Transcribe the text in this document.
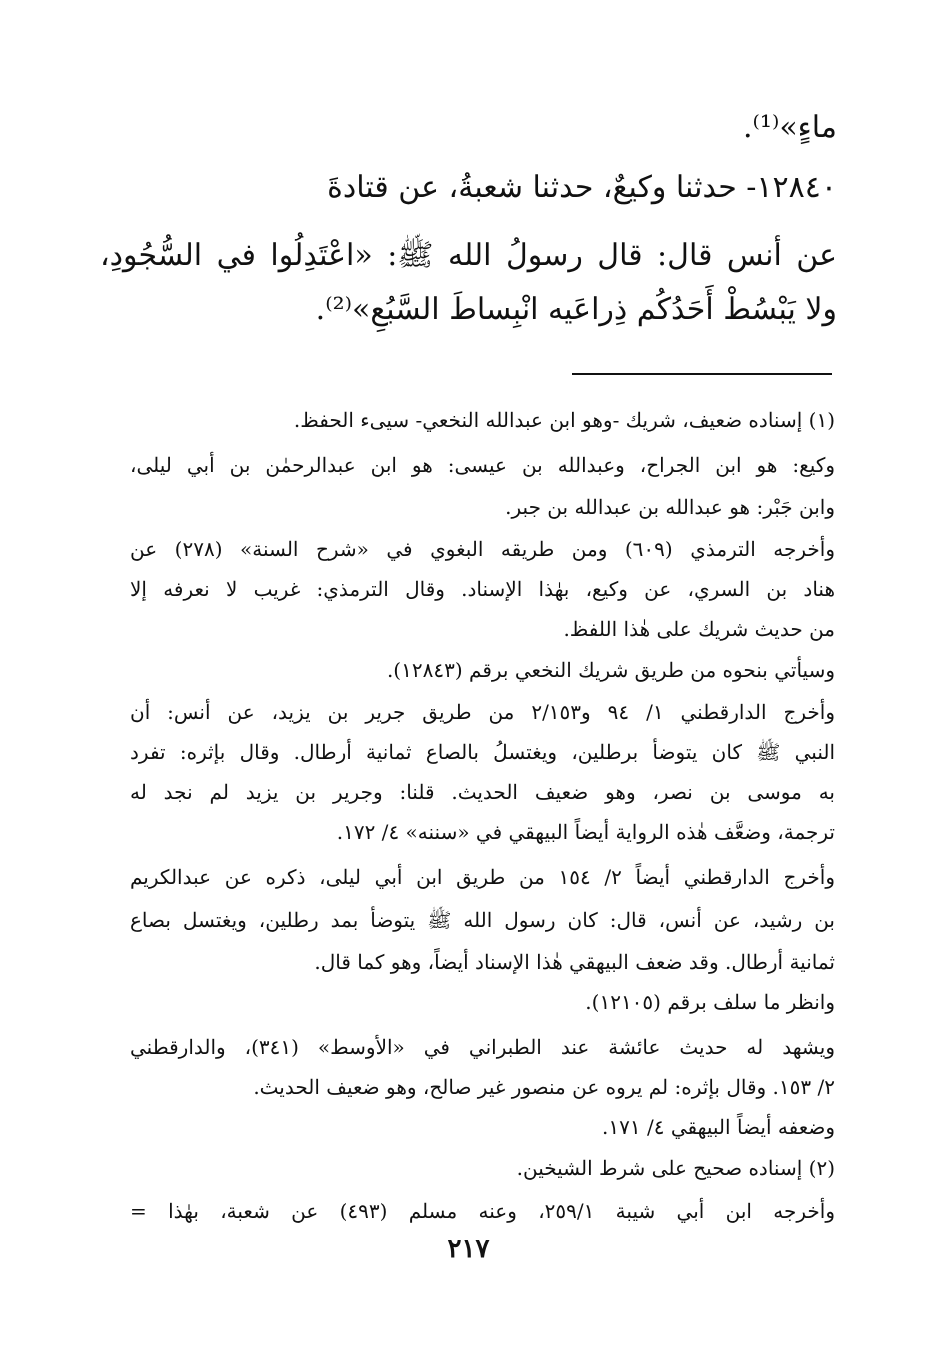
ماءٍ»⁽¹⁾.
١٢٨٤٠- حدثنا وكيعٌ، حدثنا شعبةُ، عن قتادةَ
عن أنس قال: قال رسولُ الله ﷺ: «اعْتَدِلُوا في السُّجُودِ،
ولا يَبْسُطْ أَحَدُكُم ذِراعَيه انْبِساطَ السَّبُعِ»⁽²⁾.
(١) إسناده ضعيف، شريك -وهو ابن عبدالله النخعي- سيىء الحفظ.
وكيع: هو ابن الجراح، وعبدالله بن عيسى: هو ابن عبدالرحمٰن بن أبي ليلى،
وابن جَبْر: هو عبدالله بن عبدالله بن جبر.
وأخرجه الترمذي (٦٠٩) ومن طريقه البغوي في «شرح السنة» (٢٧٨) عن
هناد بن السري، عن وكيع، بهٰذا الإسناد. وقال الترمذي: غريب لا نعرفه إلا
من حديث شريك على هٰذا اللفظ.
وسيأتي بنحوه من طريق شريك النخعي برقم (١٢٨٤٣).
وأخرج الدارقطني ١/ ٩٤ و٢/١٥٣ من طريق جرير بن يزيد، عن أنس: أن
النبي ﷺ كان يتوضأ برطلين، ويغتسلُ بالصاع ثمانية أرطال. وقال بإثره: تفرد
به موسى بن نصر، وهو ضعيف الحديث. قلنا: وجرير بن يزيد لم نجد له
ترجمة، وضعَّف هٰذه الرواية أيضاً البيهقي في «سننه» ٤/ ١٧٢.
وأخرج الدارقطني أيضاً ٢/ ١٥٤ من طريق ابن أبي ليلى، ذكره عن عبدالكريم
بن رشيد، عن أنس، قال: كان رسول الله ﷺ يتوضأ بمد رطلين، ويغتسل بصاع
ثمانية أرطال. وقد ضعف البيهقي هٰذا الإسناد أيضاً، وهو كما قال.
وانظر ما سلف برقم (١٢١٠٥).
ويشهد له حديث عائشة عند الطبراني في «الأوسط» (٣٤١)، والدارقطني
٢/ ١٥٣. وقال بإثره: لم يروه عن منصور غير صالح، وهو ضعيف الحديث.
وضعفه أيضاً البيهقي ٤/ ١٧١.
(٢) إسناده صحيح على شرط الشيخين.
وأخرجه ابن أبي شيبة ٢٥٩/١، وعنه مسلم (٤٩٣) عن شعبة، بهٰذا =
٢١٧
